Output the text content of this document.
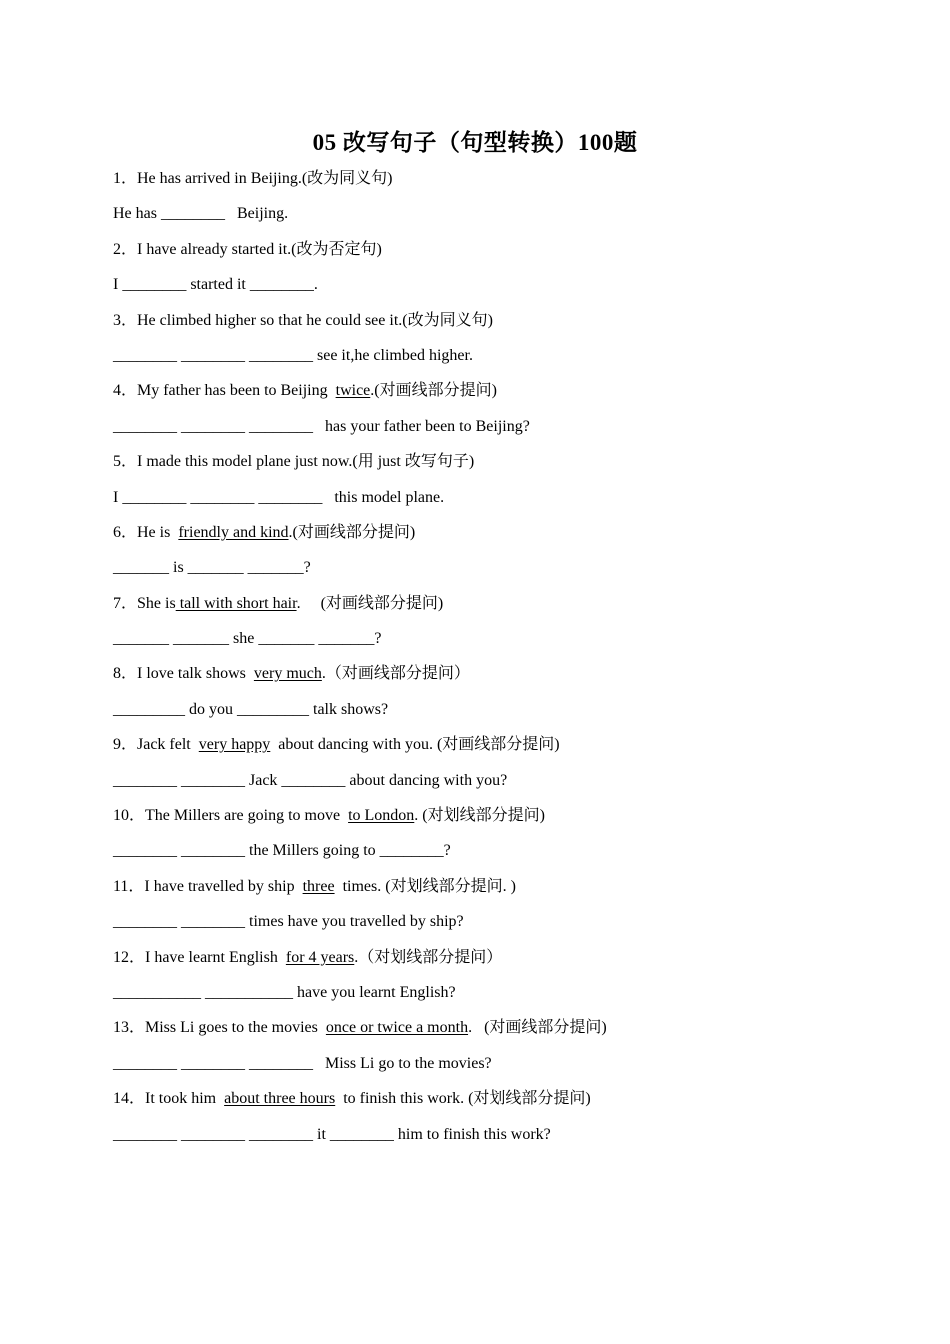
05 改写句子（句型转换）100题
1．He has arrived in Beijing.(改为同义句)
He has ________   Beijing.
2．I have already started it.(改为否定句)
I ________ started it ________.
3．He climbed higher so that he could see it.(改为同义句)
________ ________ ________ see it,he climbed higher.
4．My father has been to Beijing  twice.(对画线部分提问)
________ ________ ________   has your father been to Beijing?
5．I made this model plane just now.(用 just 改写句子)
I ________ ________ ________   this model plane.
6．He is  friendly and kind.(对画线部分提问)
_______ is _______ _______?
7．She is tall with short hair.     (对画线部分提问)
_______ _______ she _______ _______?
8．I love talk shows  very much.（对画线部分提问）
_________ do you _________ talk shows?
9．Jack felt  very happy  about dancing with you. (对画线部分提问)
________ ________ Jack ________ about dancing with you?
10．The Millers are going to move  to London. (对划线部分提问)
________ ________ the Millers going to ________?
11．I have travelled by ship  three  times. (对划线部分提问. )
________ ________ times have you travelled by ship?
12．I have learnt English  for 4 years.（对划线部分提问）
___________ ___________ have you learnt English?
13．Miss Li goes to the movies  once or twice a month.   (对画线部分提问)
________ ________ ________   Miss Li go to the movies?
14．It took him  about three hours  to finish this work. (对划线部分提问)
________ ________ ________ it ________ him to finish this work?
